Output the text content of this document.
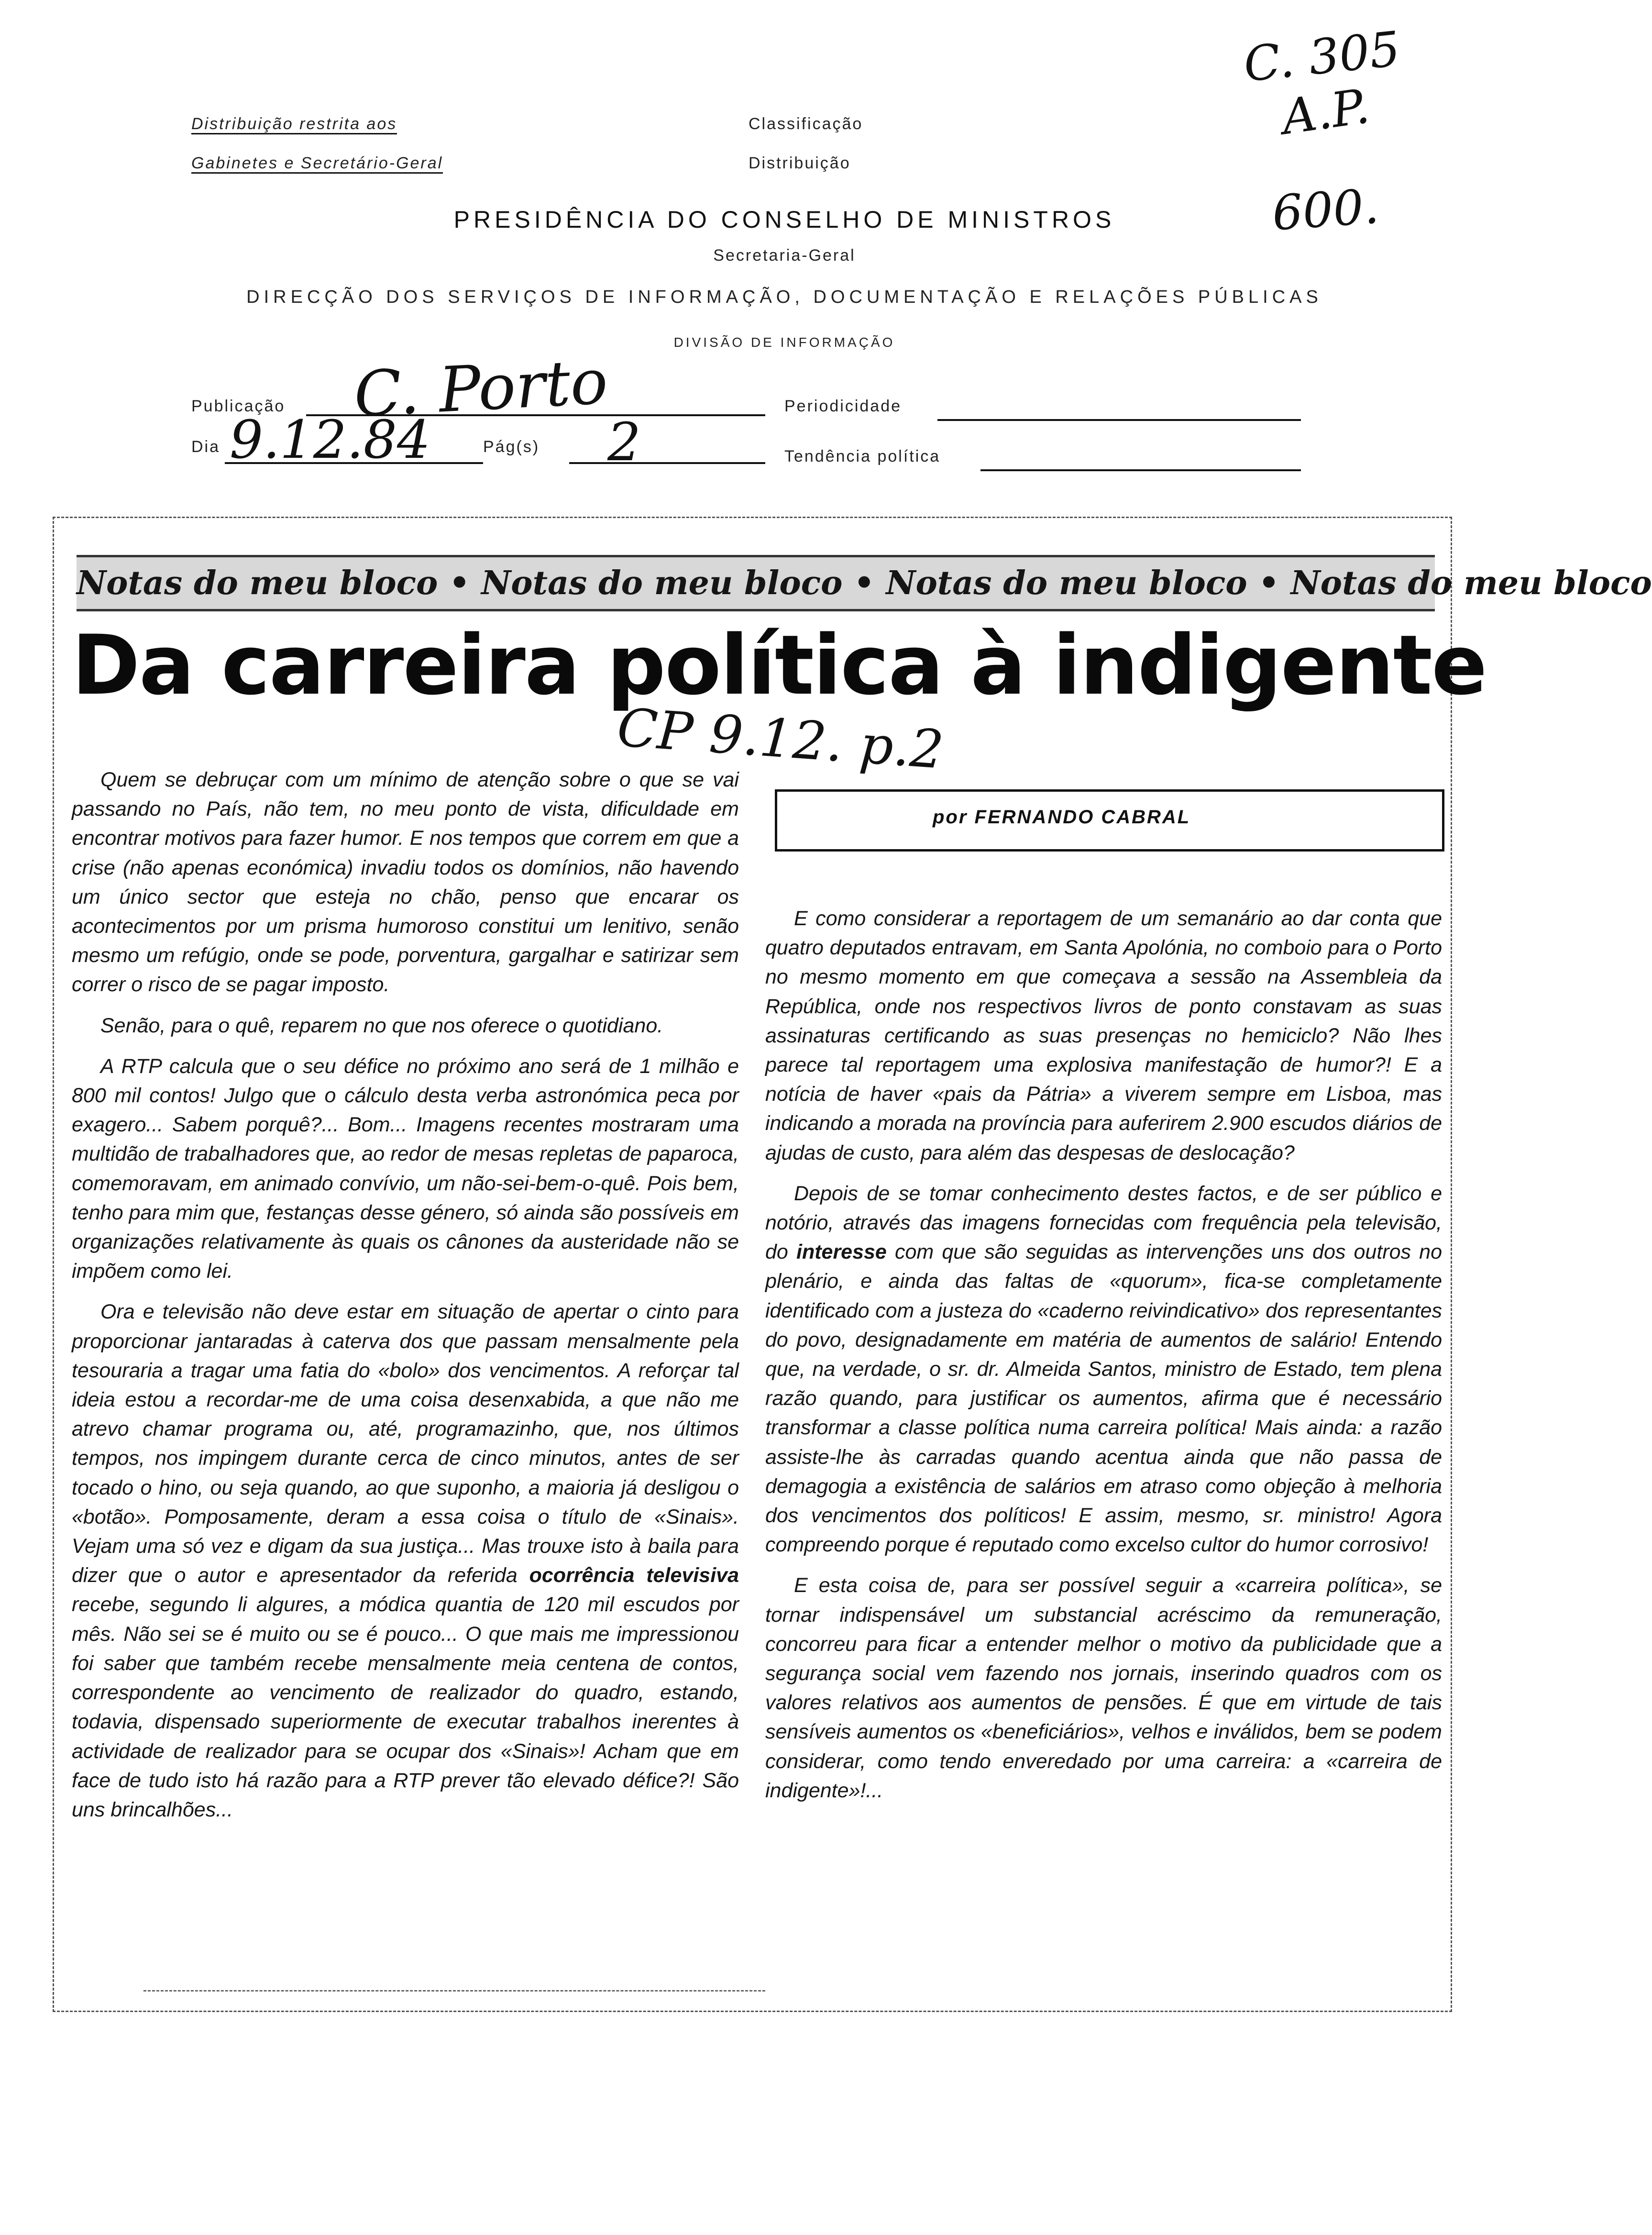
Distribuição restrita aos
Gabinetes e Secretário-Geral
Classificação
Distribuição
C. 305
A.P.
600.
PRESIDÊNCIA DO CONSELHO DE MINISTROS
Secretaria-Geral
DIRECÇÃO DOS SERVIÇOS DE INFORMAÇÃO, DOCUMENTAÇÃO E RELAÇÕES PÚBLICAS
DIVISÃO DE INFORMAÇÃO
Publicação C. Porto	Periodicidade
Dia 9.12.84	Pág(s) 2	Tendência política
Notas do meu bloco • Notas do meu bloco • Notas do meu bloco • Notas do meu bloco
Da carreira política à indigente
CP 9.12. p.2
por FERNANDO CABRAL

Quem se debruçar com um mínimo de atenção sobre o que se vai passando no País, não tem, no meu ponto de vista, dificuldade em encontrar motivos para fazer humor. E nos tempos que correm em que a crise (não apenas económica) invadiu todos os domínios, não havendo um único sector que esteja no chão, penso que encarar os acontecimentos por um prisma humoroso constitui um lenitivo, senão mesmo um refúgio, onde se pode, porventura, gargalhar e satirizar sem correr o risco de se pagar imposto.

Senão, para o quê, reparem no que nos oferece o quotidiano.

A RTP calcula que o seu défice no próximo ano será de 1 milhão e 800 mil contos! Julgo que o cálculo desta verba astronómica peca por exagero... Sabem porquê?... Bom... Imagens recentes mostraram uma multidão de trabalhadores que, ao redor de mesas repletas de paparoca, comemoravam, em animado convívio, um não-sei-bem-o-quê. Pois bem, tenho para mim que, festanças desse género, só ainda são possíveis em organizações relativamente às quais os cânones da austeridade não se impõem como lei.

Ora e televisão não deve estar em situação de apertar o cinto para proporcionar jantaradas à caterva dos que passam mensalmente pela tesouraria a tragar uma fatia do «bolo» dos vencimentos. A reforçar tal ideia estou a recordar-me de uma coisa desenxabida, a que não me atrevo chamar programa ou, até, programazinho, que, nos últimos tempos, nos impingem durante cerca de cinco minutos, antes de ser tocado o hino, ou seja quando, ao que suponho, a maioria já desligou o «botão». Pomposamente, deram a essa coisa o título de «Sinais». Vejam uma só vez e digam da sua justiça... Mas trouxe isto à baila para dizer que o autor e apresentador da referida ocorrência televisiva recebe, segundo li algures, a módica quantia de 120 mil escudos por mês. Não sei se é muito ou se é pouco... O que mais me impressionou foi saber que também recebe mensalmente meia centena de contos, correspondente ao vencimento de realizador do quadro, estando, todavia, dispensado superiormente de executar trabalhos inerentes à actividade de realizador para se ocupar dos «Sinais»! Acham que em face de tudo isto há razão para a RTP prever tão elevado défice?! São uns brincalhões...

E como considerar a reportagem de um semanário ao dar conta que quatro deputados entravam, em Santa Apolónia, no comboio para o Porto no mesmo momento em que começava a sessão na Assembleia da República, onde nos respectivos livros de ponto constavam as suas assinaturas certificando as suas presenças no hemiciclo? Não lhes parece tal reportagem uma explosiva manifestação de humor?! E a notícia de haver «pais da Pátria» a viverem sempre em Lisboa, mas indicando a morada na província para auferirem 2.900 escudos diários de ajudas de custo, para além das despesas de deslocação?

Depois de se tomar conhecimento destes factos, e de ser público e notório, através das imagens fornecidas com frequência pela televisão, do interesse com que são seguidas as intervenções uns dos outros no plenário, e ainda das faltas de «quorum», fica-se completamente identificado com a justeza do «caderno reivindicativo» dos representantes do povo, designadamente em matéria de aumentos de salário! Entendo que, na verdade, o sr. dr. Almeida Santos, ministro de Estado, tem plena razão quando, para justificar os aumentos, afirma que é necessário transformar a classe política numa carreira política! Mais ainda: a razão assiste-lhe às carradas quando acentua ainda que não passa de demagogia a existência de salários em atraso como objeção à melhoria dos vencimentos dos políticos! E assim, mesmo, sr. ministro! Agora compreendo porque é reputado como excelso cultor do humor corrosivo!

E esta coisa de, para ser possível seguir a «carreira política», se tornar indispensável um substancial acréscimo da remuneração, concorreu para ficar a entender melhor o motivo da publicidade que a segurança social vem fazendo nos jornais, inserindo quadros com os valores relativos aos aumentos de pensões. É que em virtude de tais sensíveis aumentos os «beneficiários», velhos e inválidos, bem se podem considerar, como tendo enveredado por uma carreira: a «carreira de indigente»!...
